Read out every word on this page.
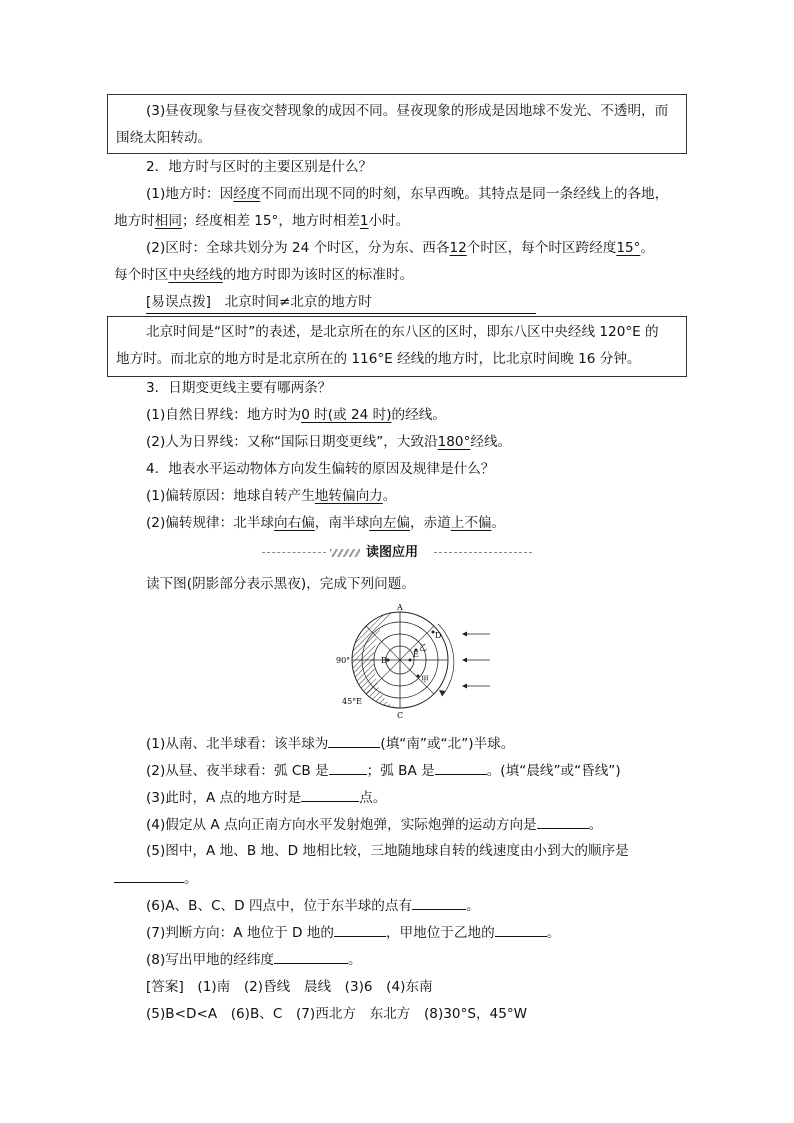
(3)昼夜现象与昼夜交替现象的成因不同。昼夜现象的形成是因地球不发光、不透明，而
围绕太阳转动。
2．地方时与区时的主要区别是什么？
(1)地方时：因经度不同而出现不同的时刻，东早西晚。其特点是同一条经线上的各地，
地方时相同；经度相差 15°，地方时相差1小时。
(2)区时：全球共划分为 24 个时区，分为东、西各12个时区，每个时区跨经度15°。
每个时区中央经线的地方时即为该时区的标准时。
[易误点拨]　北京时间≠北京的地方时
北京时间是“区时”的表述，是北京所在的东八区的区时，即东八区中央经线 120°E 的
地方时。而北京的地方时是北京所在的 116°E 经线的地方时，比北京时间晚 16 分钟。
3．日期变更线主要有哪两条？
(1)自然日界线：地方时为0 时(或 24 时)的经线。
(2)人为日界线：又称“国际日期变更线”，大致沿180°经线。
4．地表水平运动物体方向发生偏转的原因及规律是什么？
(1)偏转原因：地球自转产生地转偏向力。
(2)偏转规律：北半球向右偏，南半球向左偏，赤道上不偏。
读图应用
读下图(阴影部分表示黑夜)，完成下列问题。
A
C
D
E
乙
甲
B
90°
45°E
(1)从南、北半球看：该半球为	(填“南”或“北”)半球。
(2)从昼、夜半球看：弧 CB 是	；弧 BA 是	。(填“晨线”或“昏线”)
(3)此时，A 点的地方时是	点。
(4)假定从 A 点向正南方向水平发射炮弹，实际炮弹的运动方向是	。
(5)图中，A 地、B 地、D 地相比较，三地随地球自转的线速度由小到大的顺序是
。
(6)A、B、C、D 四点中，位于东半球的点有	。
(7)判断方向：A 地位于 D 地的	，甲地位于乙地的	。
(8)写出甲地的经纬度	。
[答案]　(1)南　(2)昏线　晨线　(3)6　(4)东南
(5)B<D<A　(6)B、C　(7)西北方　东北方　(8)30°S，45°W
